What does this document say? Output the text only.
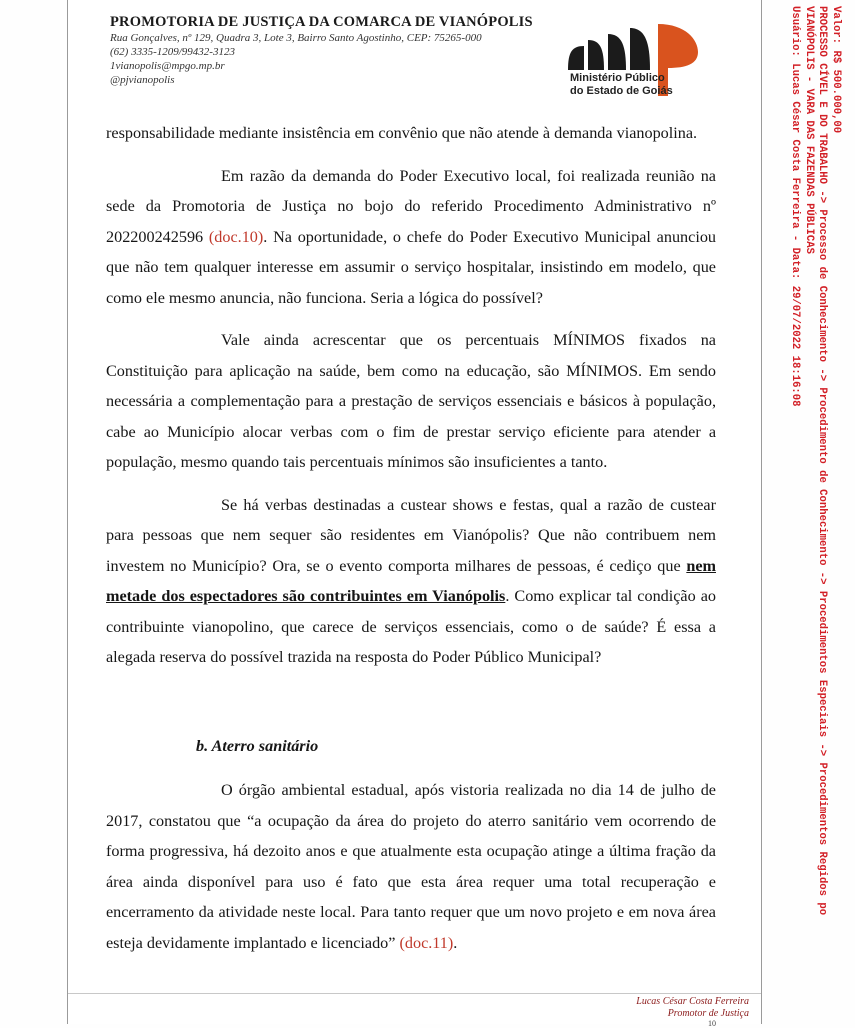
PROMOTORIA DE JUSTIÇA DA COMARCA DE VIANÓPOLIS
Rua Gonçalves, nº 129, Quadra 3, Lote 3, Bairro Santo Agostinho, CEP: 75265-000
(62) 3335-1209/99432-3123
1vianopolis@mpgo.mp.br
@pjvianopolis	Ministério Público
do Estado de Goiás

responsabilidade mediante insistência em convênio que não atende à demanda vianopolina.

Em razão da demanda do Poder Executivo local, foi realizada reunião na sede da Promotoria de Justiça no bojo do referido Procedimento Administrativo nº 202200242596 (doc.10). Na oportunidade, o chefe do Poder Executivo Municipal anunciou que não tem qualquer interesse em assumir o serviço hospitalar, insistindo em modelo, que como ele mesmo anuncia, não funciona. Seria a lógica do possível?

Vale ainda acrescentar que os percentuais MÍNIMOS fixados na Constituição para aplicação na saúde, bem como na educação, são MÍNIMOS. Em sendo necessária a complementação para a prestação de serviços essenciais e básicos à população, cabe ao Município alocar verbas com o fim de prestar serviço eficiente para atender a população, mesmo quando tais percentuais mínimos são insuficientes a tanto.

Se há verbas destinadas a custear shows e festas, qual a razão de custear para pessoas que nem sequer são residentes em Vianópolis? Que não contribuem nem investem no Município? Ora, se o evento comporta milhares de pessoas, é cediço que nem metade dos espectadores são contribuintes em Vianópolis. Como explicar tal condição ao contribuinte vianopolino, que carece de serviços essenciais, como o de saúde? É essa a alegada reserva do possível trazida na resposta do Poder Público Municipal?

b. Aterro sanitário

O órgão ambiental estadual, após vistoria realizada no dia 14 de julho de 2017, constatou que “a ocupação da área do projeto do aterro sanitário vem ocorrendo de forma progressiva, há dezoito anos e que atualmente esta ocupação atinge a última fração da área ainda disponível para uso é fato que esta área requer uma total recuperação e encerramento da atividade neste local. Para tanto requer que um novo projeto e em nova área esteja devidamente implantado e licenciado” (doc.11).

Lucas César Costa Ferreira
Promotor de Justiça
10
Valor: R$ 500.000,00
PROCESSO CÍVEL E DO TRABALHO -> Processo de Conhecimento -> Procedimento de Conhecimento -> Procedimentos Especiais -> Procedimentos Regidos po
VIANÓPOLIS - VARA DAS FAZENDAS PÚBLICAS
Usuário: Lucas César Costa Ferreira - Data: 29/07/2022 18:16:08
